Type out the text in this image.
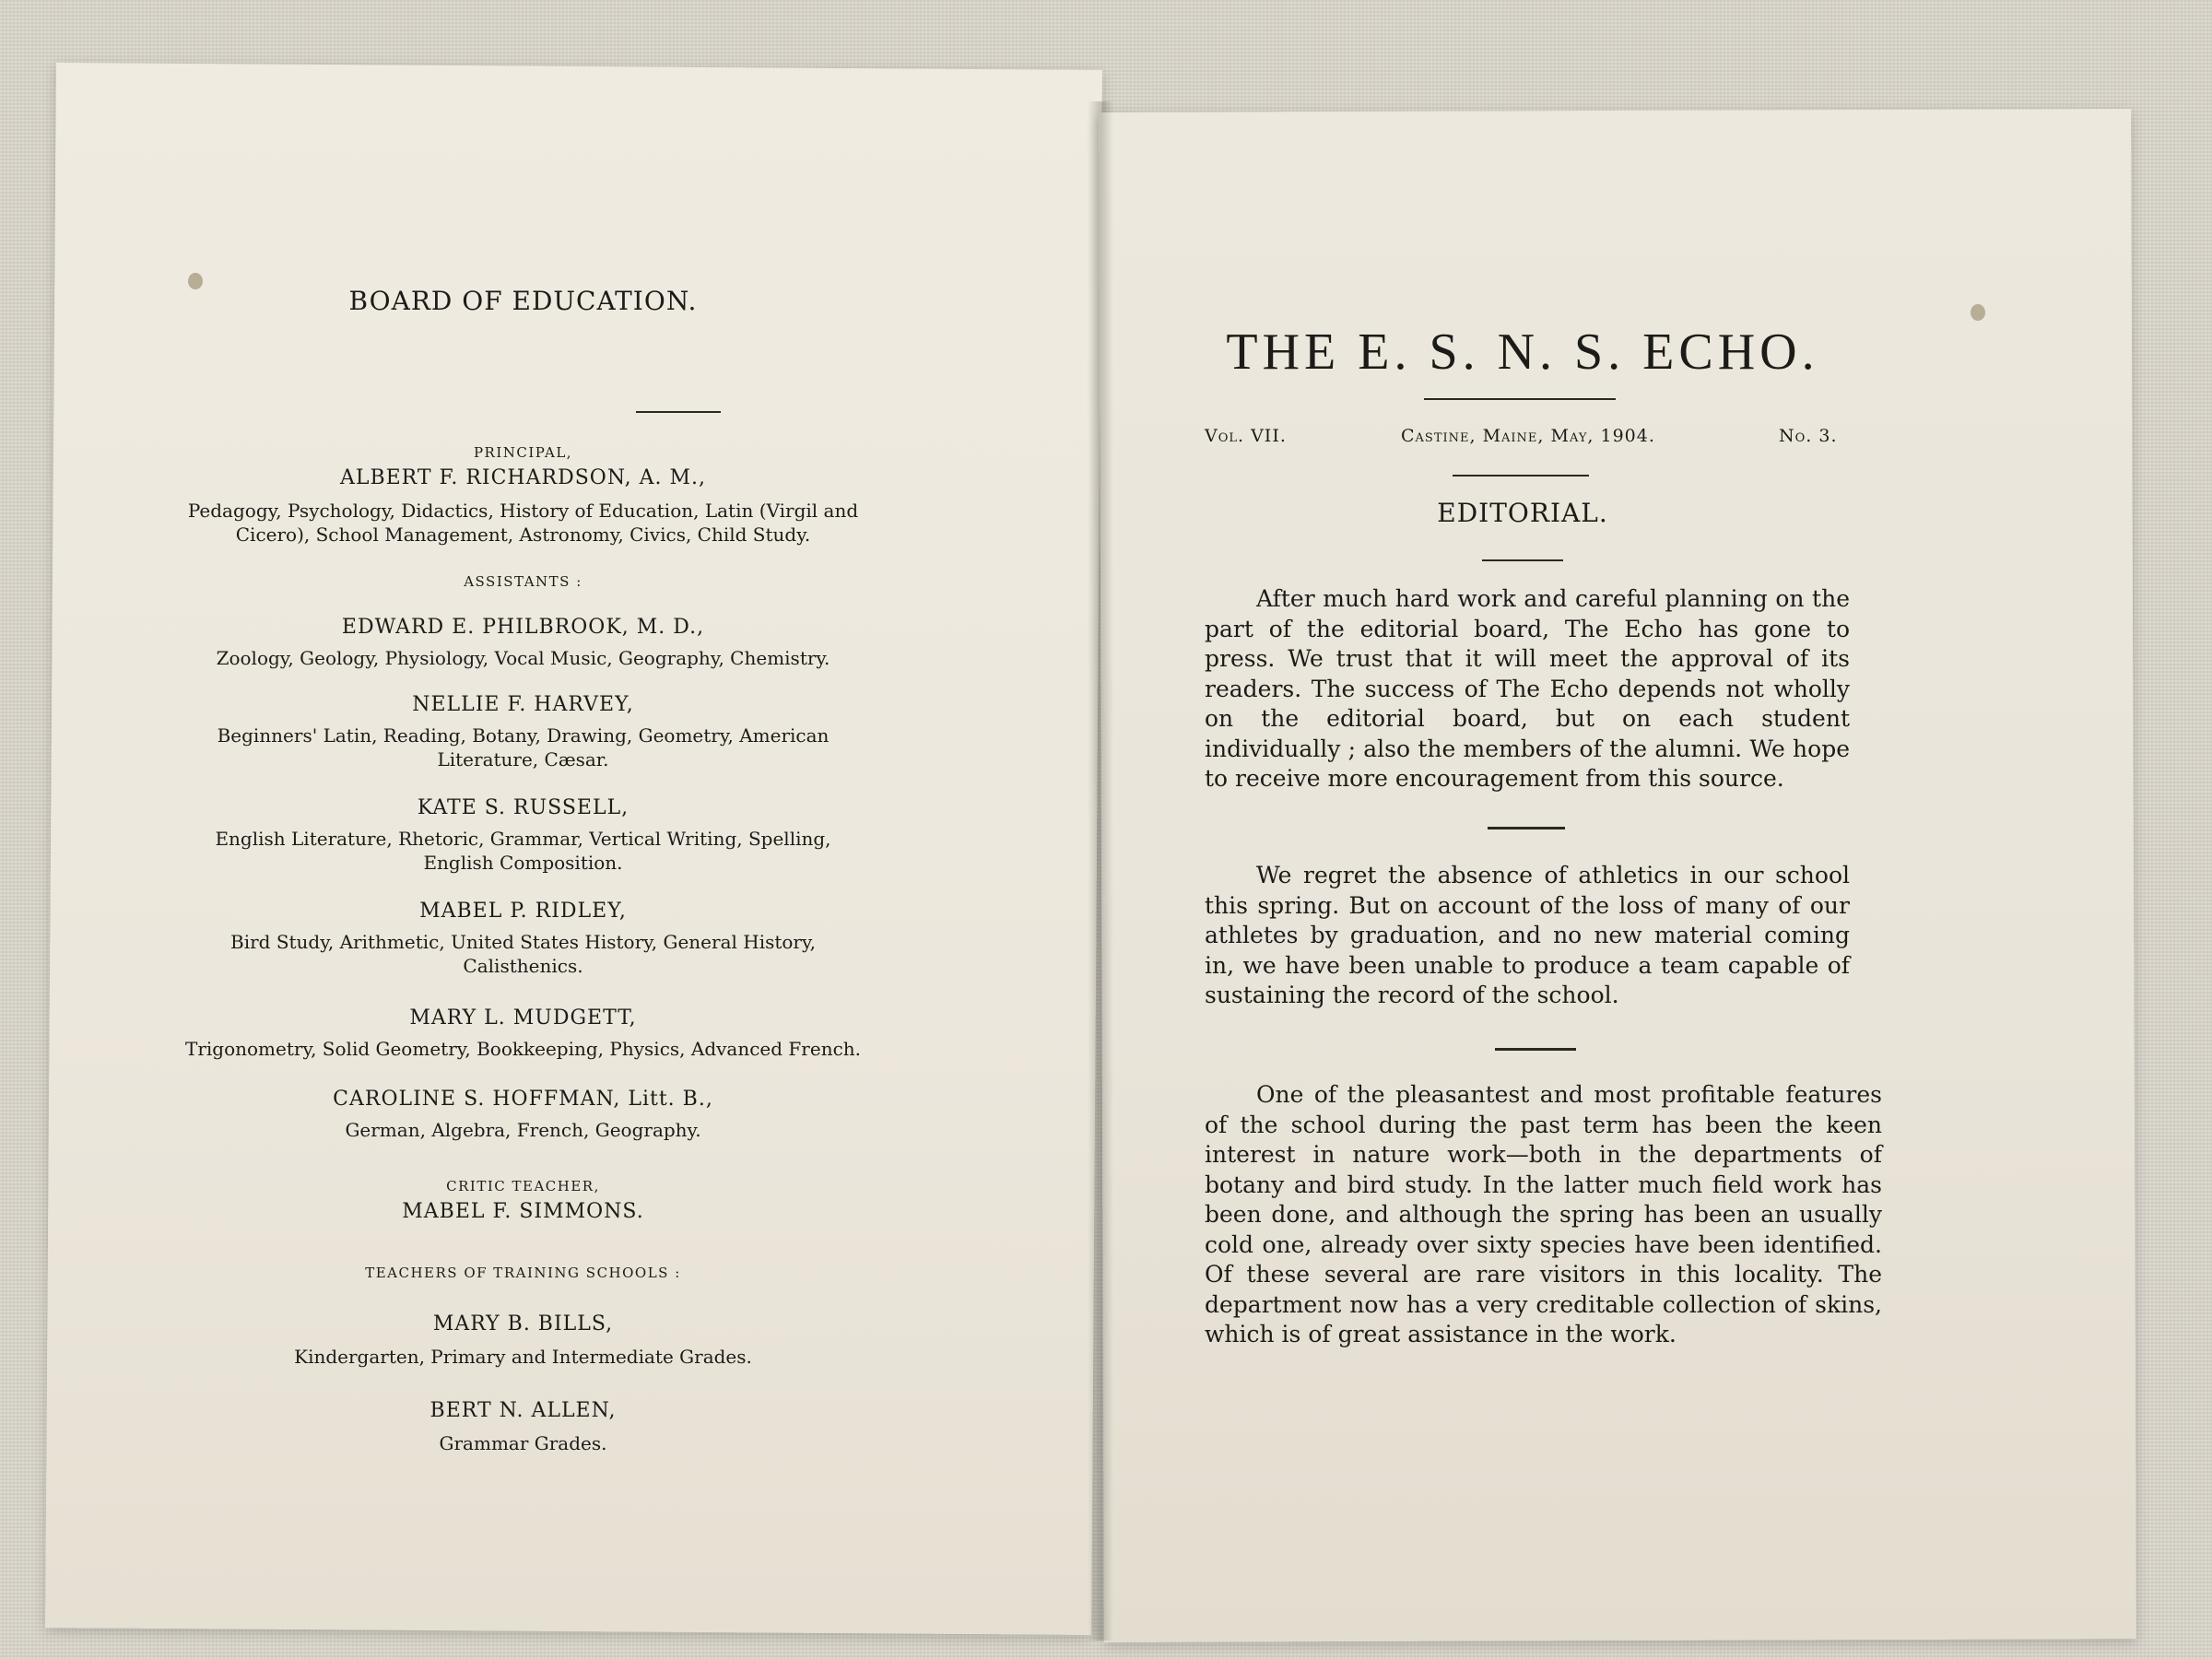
BOARD OF EDUCATION.
PRINCIPAL,
ALBERT F. RICHARDSON, A. M.,
Pedagogy, Psychology, Didactics, History of Education, Latin (Virgil and Cicero), School Management, Astronomy, Civics, Child Study.
ASSISTANTS :
EDWARD E. PHILBROOK, M. D.,
Zoology, Geology, Physiology, Vocal Music, Geography, Chemistry.
NELLIE F. HARVEY,
Beginners' Latin, Reading, Botany, Drawing, Geometry, American Literature, Cæsar.
KATE S. RUSSELL,
English Literature, Rhetoric, Grammar, Vertical Writing, Spelling, English Composition.
MABEL P. RIDLEY,
Bird Study, Arithmetic, United States History, General History, Calisthenics.
MARY L. MUDGETT,
Trigonometry, Solid Geometry, Bookkeeping, Physics, Advanced French.
CAROLINE S. HOFFMAN, Litt. B.,
German, Algebra, French, Geography.
CRITIC TEACHER,
MABEL F. SIMMONS.
TEACHERS OF TRAINING SCHOOLS :
MARY B. BILLS,
Kindergarten, Primary and Intermediate Grades.
BERT N. ALLEN,
Grammar Grades.
THE E. S. N. S. ECHO.
Vol. VII.	Castine, Maine, May, 1904.	No. 3.
EDITORIAL.
After much hard work and careful planning on the part of the editorial board, The Echo has gone to press. We trust that it will meet the approval of its readers. The success of The Echo depends not wholly on the editorial board, but on each student individually ; also the members of the alumni. We hope to receive more encouragement from this source.
We regret the absence of athletics in our school this spring. But on account of the loss of many of our athletes by graduation, and no new material coming in, we have been unable to produce a team capable of sustaining the record of the school.
One of the pleasantest and most profitable features of the school during the past term has been the keen interest in nature work—both in the departments of botany and bird study. In the latter much field work has been done, and although the spring has been an usually cold one, already over sixty species have been identified. Of these several are rare visitors in this locality. The department now has a very creditable collection of skins, which is of great assistance in the work.
